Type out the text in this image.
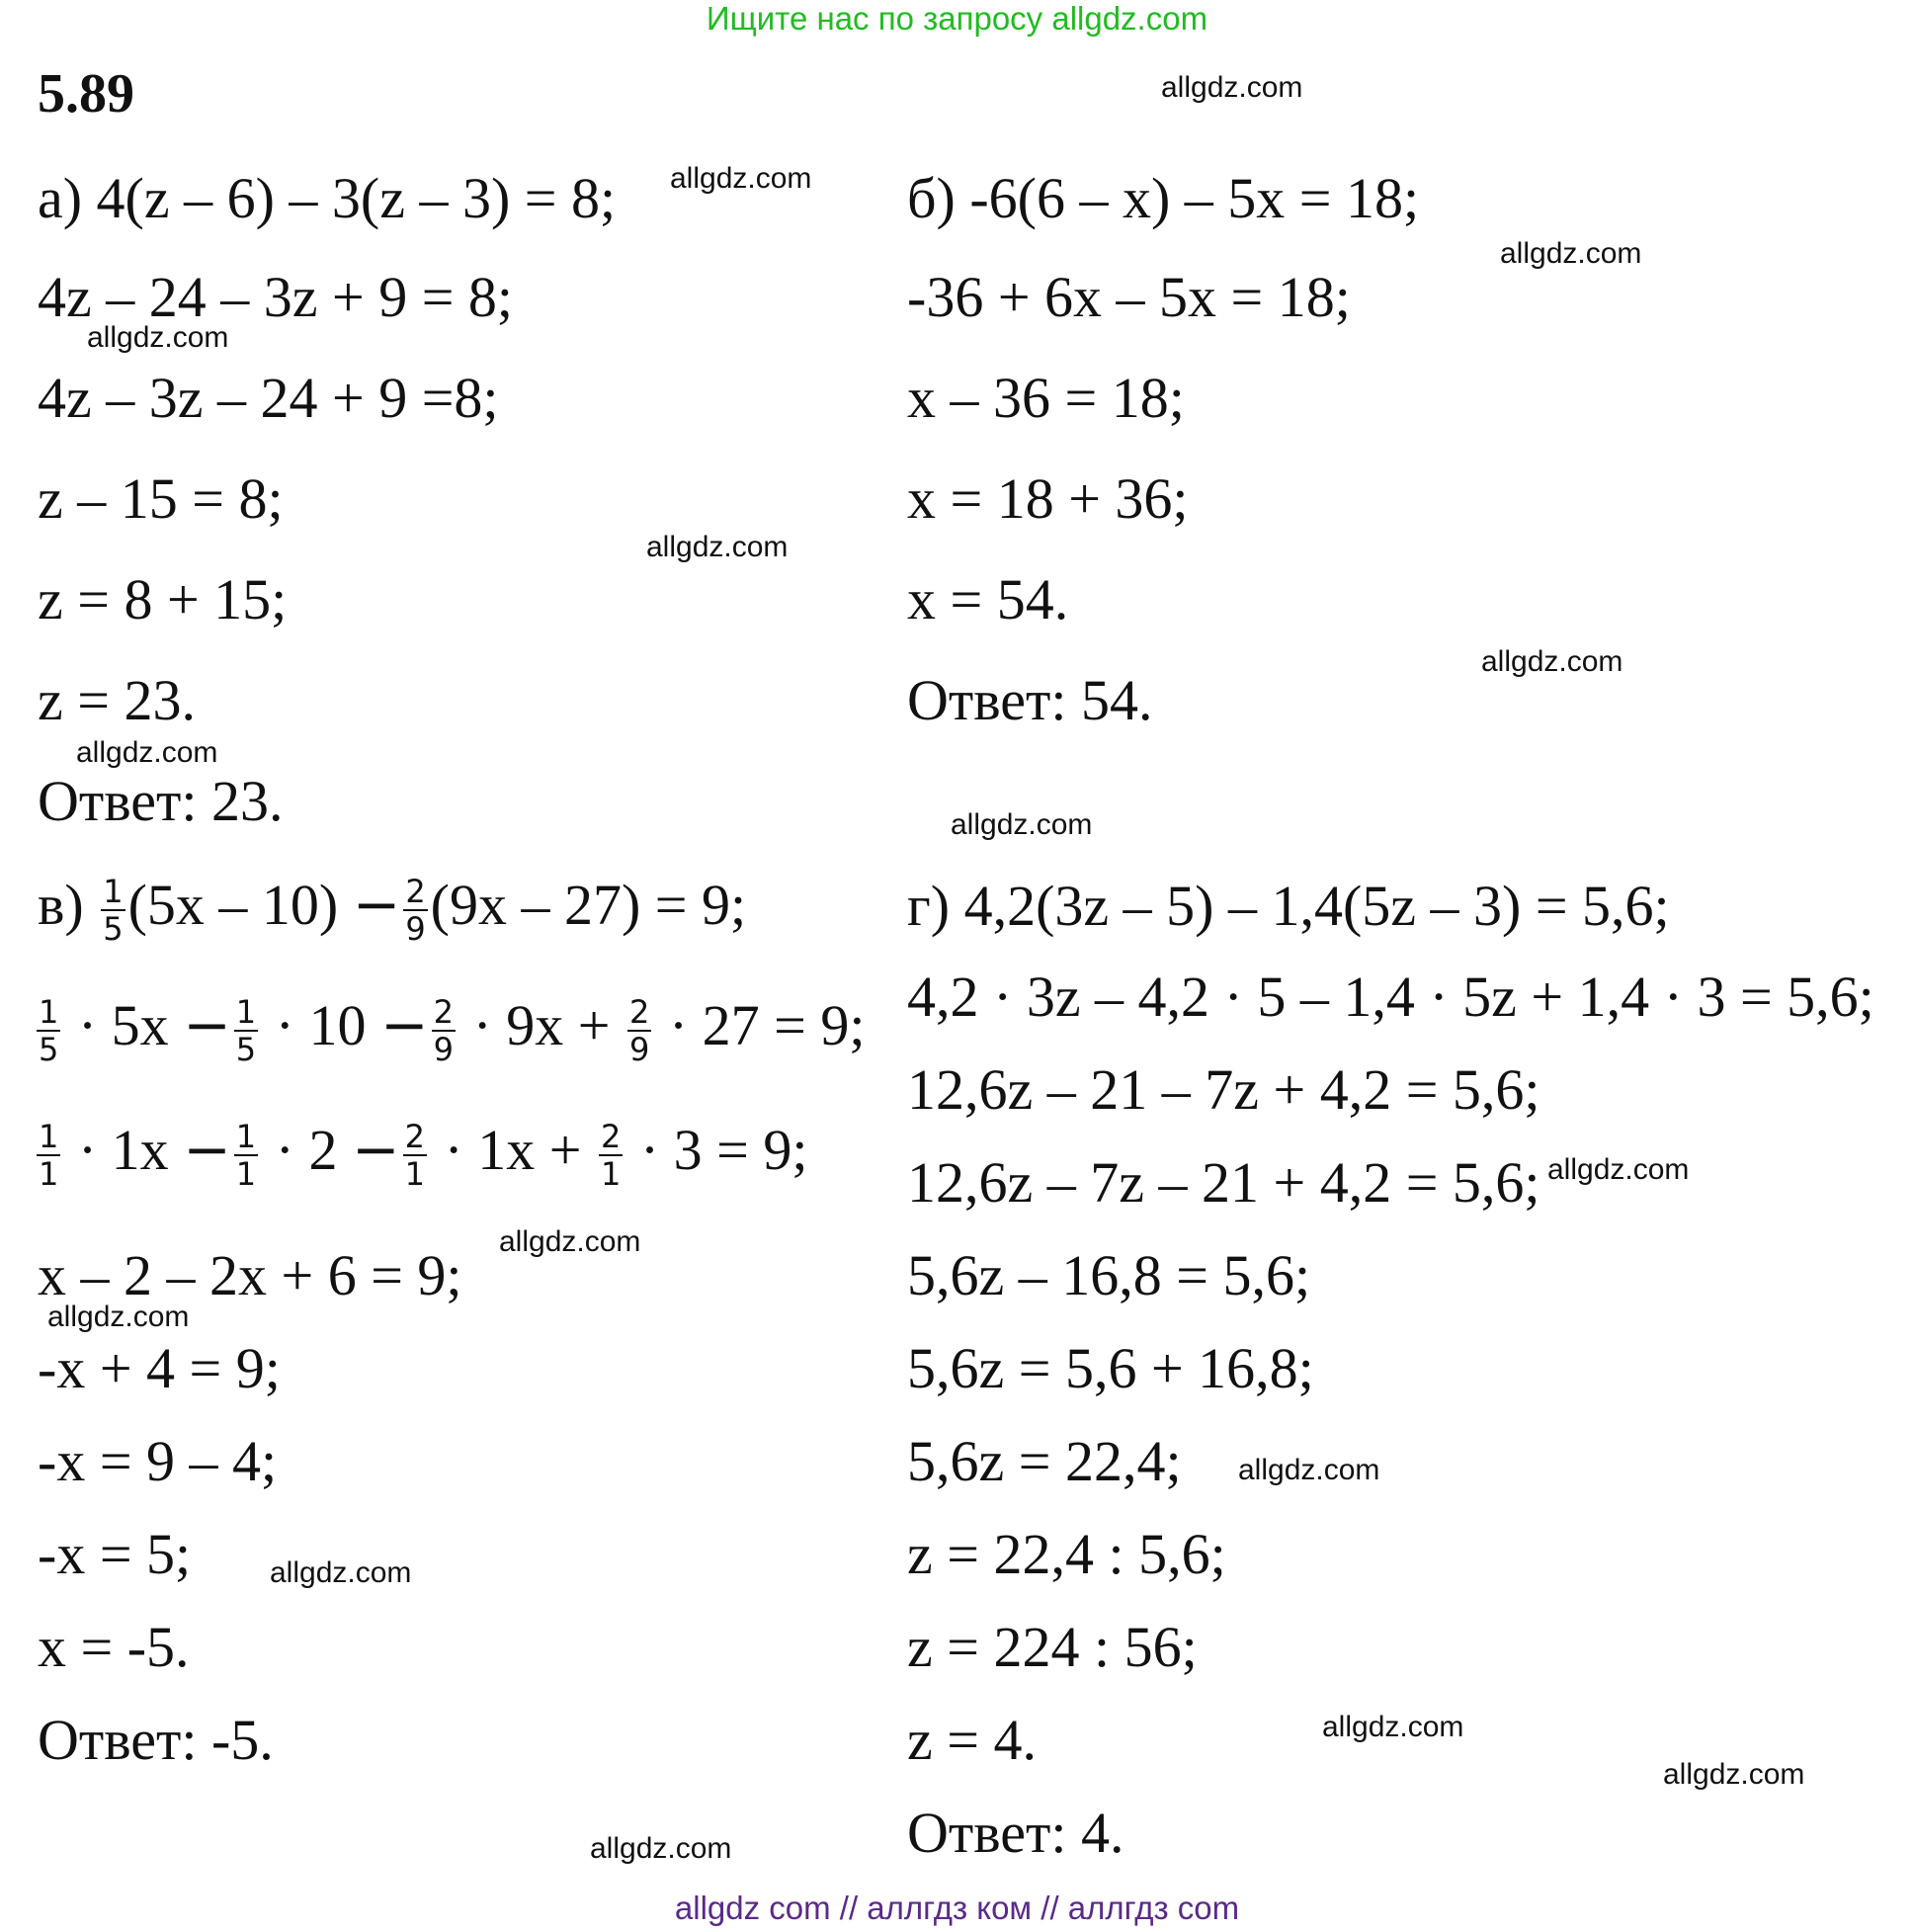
Ищите нас по запросу allgdz.com
5.89
а) 4(z – 6) – 3(z – 3) = 8;
4z – 24 – 3z + 9 = 8;
4z – 3z – 24 + 9 =8;
z – 15 = 8;
z = 8 + 15;
z = 23.
Ответ: 23.
б) -6(6 – x) – 5x = 18;
-36 + 6x – 5x = 18;
x – 36 = 18;
x = 18 + 36;
x = 54.
Ответ: 54.
$в) \frac{1}{5} (5x - 10) - \frac{2}{9} (9x - 27) = 9$;
$\frac{1}{5} \cdot 5x - \frac{1}{5} \cdot 10 - \frac{2}{9} \cdot 9x + \frac{2}{9} \cdot 27 = 9$;
$\frac{1}{1} \cdot 1x - \frac{1}{1} \cdot 2 - \frac{2}{1} \cdot 1x + \frac{2}{1} \cdot 3 = 9$;
x – 2 – 2x + 6 = 9;
-x + 4 = 9;
-x = 9 – 4;
-x = 5;
x = -5.
Ответ: -5.
г) 4,2(3z – 5) – 1,4(5z – 3) = 5,6;
4,2 · 3z – 4,2 · 5 – 1,4 · 5z + 1,4 · 3 = 5,6;
12,6z – 21 – 7z + 4,2 = 5,6;
12,6z – 7z – 21 + 4,2 = 5,6;
5,6z – 16,8 = 5,6;
5,6z = 5,6 + 16,8;
5,6z = 22,4;
z = 22,4 : 5,6;
z = 224 : 56;
z = 4.
Ответ: 4.
allgdz.com
allgdz.com
allgdz.com
allgdz.com
allgdz.com
allgdz.com
allgdz.com
allgdz.com
allgdz.com
allgdz.com
allgdz.com
allgdz.com
allgdz.com
allgdz.com
allgdz.com
allgdz.com
allgdz com // аллгдз ком // аллгдз com
